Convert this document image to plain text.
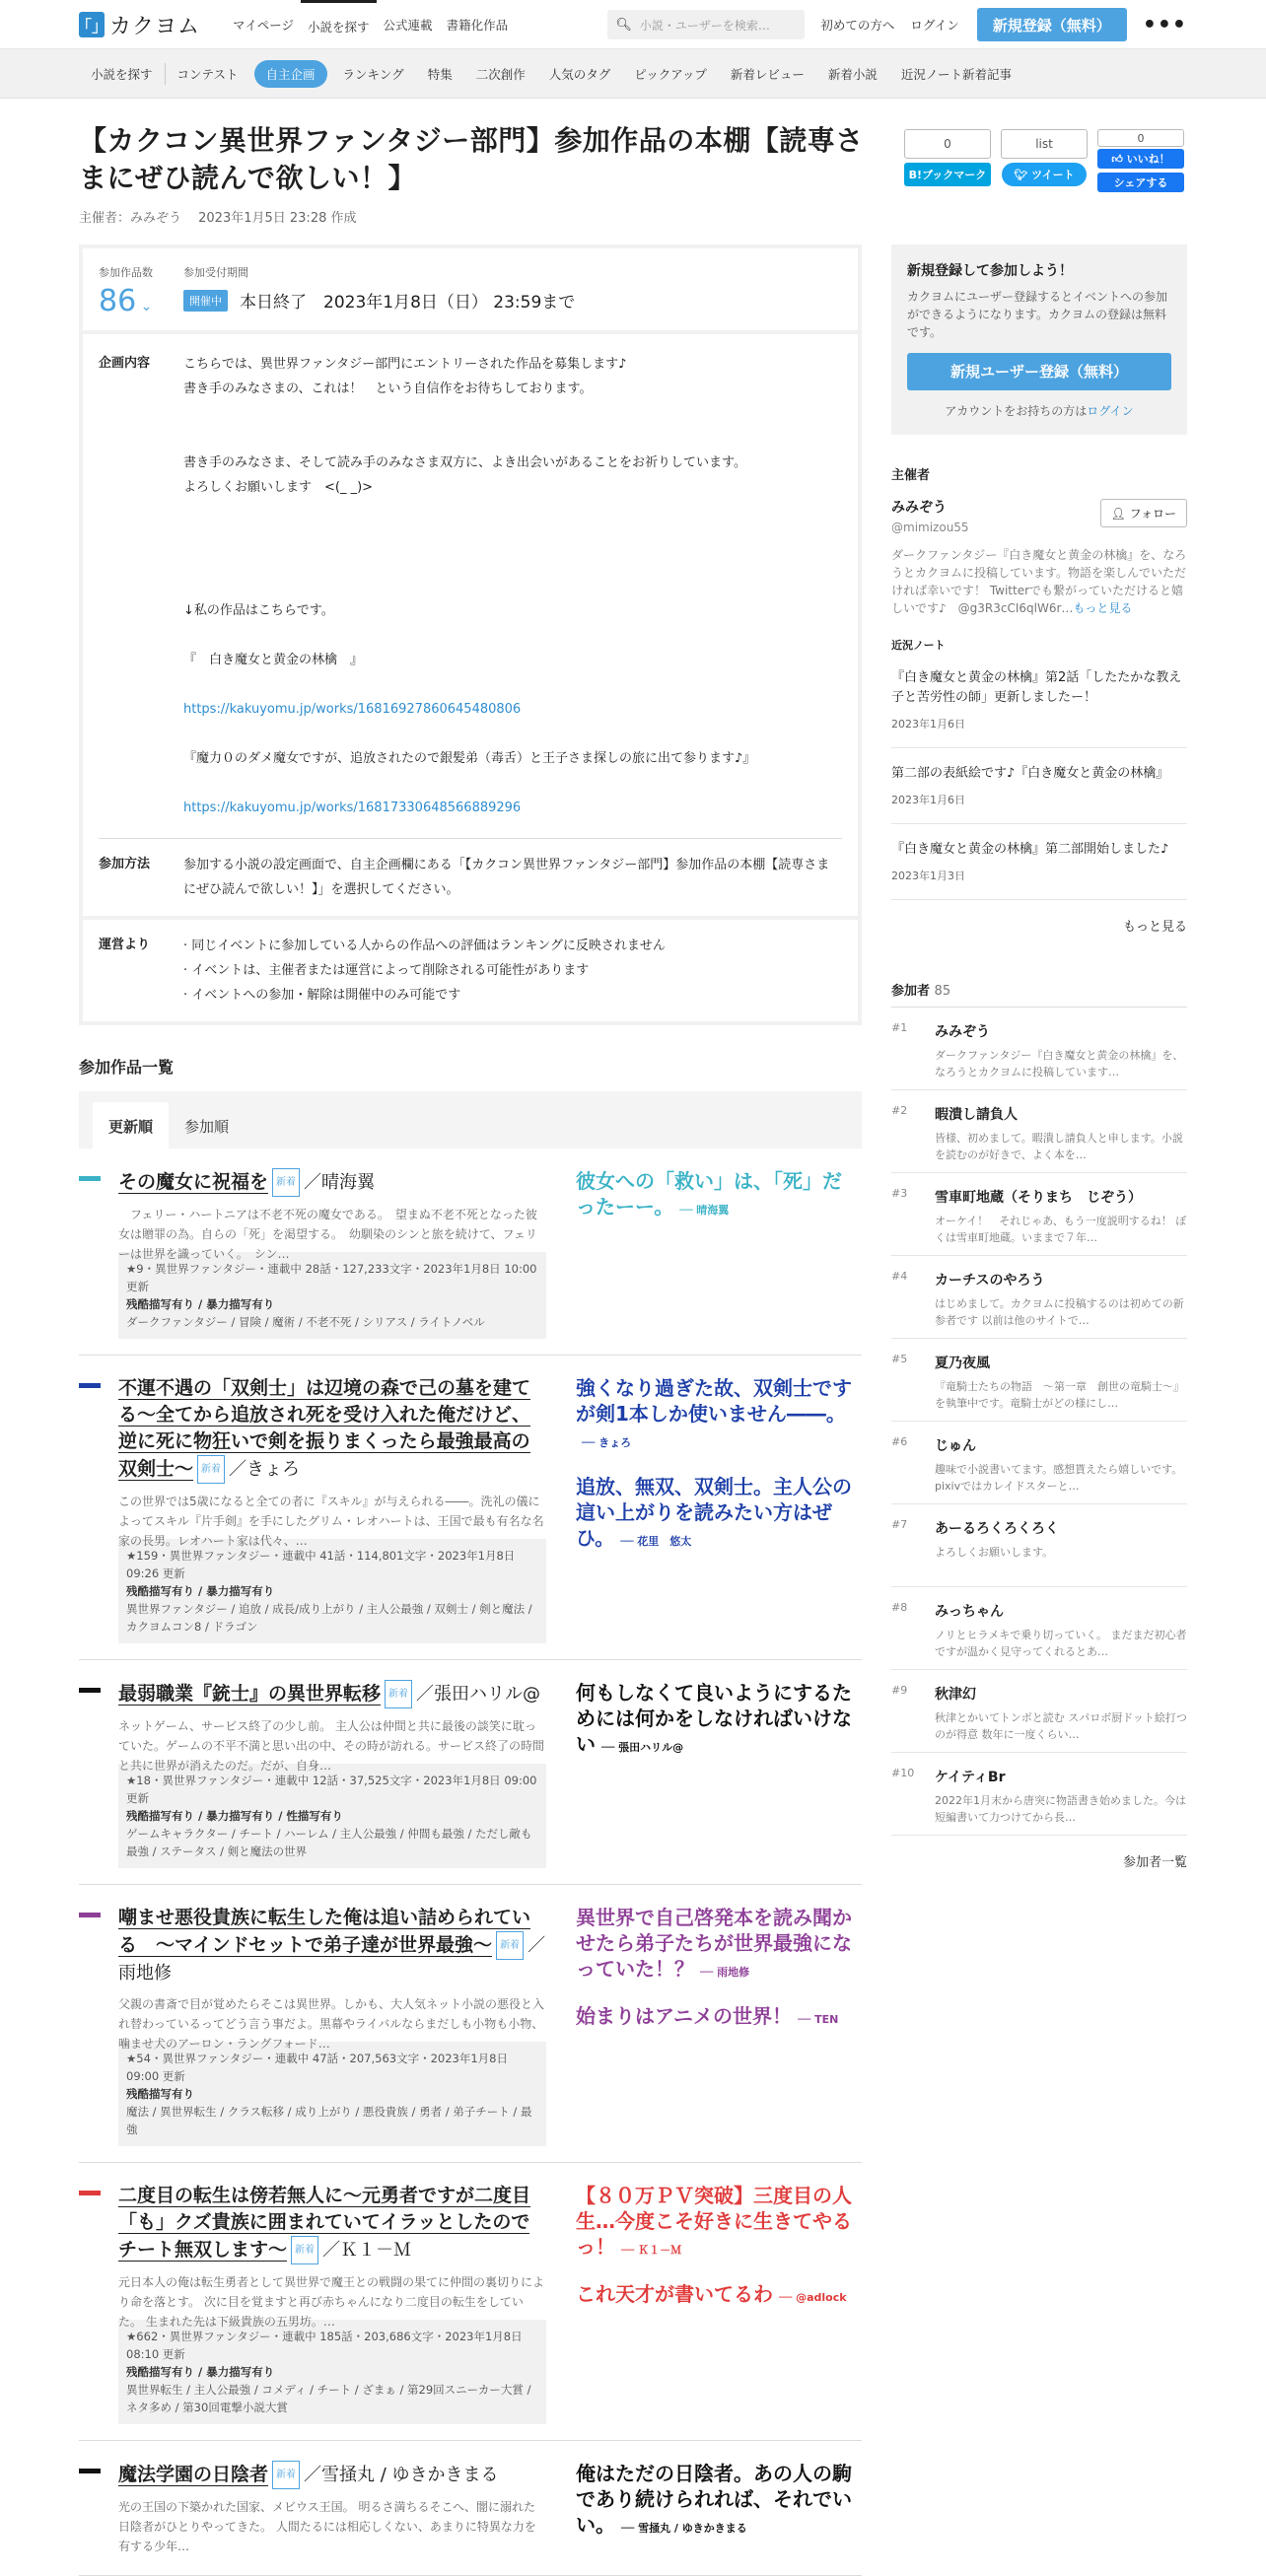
「」 カクヨム	マイページ	小説を探す	公式連載	書籍化作品	🔍︎ 小説・ユーザーを検索…	初めての方へ ログイン	新規登録（無料）	•••
小説を探す	コンテスト	自主企画	ランキング	特集	二次創作	人気のタグ	ピックアップ	新着レビュー	新着小説	近況ノート新着記事
【カクコン異世界ファンタジー部門】参加作品の本棚【読専さまにぜひ読んで欲しい！】
主催者：みみぞう　 2023年1月5日 23:28 作成
0
B!ブックマーク
list
🐦︎ ツイート
0
👍︎ いいね！
シェアする
参加作品数
86 ⌄
参加受付期間
開催中	本日終了　2023年1月8日（日） 23:59まで
企画内容	こちらでは、異世界ファンタジー部門にエントリーされた作品を募集します♪

書き手のみなさまの、これは！　という自信作をお待ちしております。

書き手のみなさま、そして読み手のみなさま双方に、よき出会いがあることをお祈りしています。

よろしくお願いします　<(_ _)>

↓私の作品はこちらです。

『　白き魔女と黄金の林檎　』

https://kakuyomu.jp/works/16816927860645480806

『魔力０のダメ魔女ですが、追放されたので銀髪弟（毒舌）と王子さま探しの旅に出て参ります♪』

https://kakuyomu.jp/works/16817330648566889296

参加方法	参加する小説の設定画面で、自主企画欄にある「【カクコン異世界ファンタジー部門】参加作品の本棚【読専さまにぜひ読んで欲しい！】」を選択してください。
運営より	· 同じイベントに参加している人からの作品への評価はランキングに反映されません
· イベントは、主催者または運営によって削除される可能性があります
· イベントへの参加・解除は開催中のみ可能です
参加作品一覧
更新順	参加順
その魔女に祝福を 新着 ／晴海翼
　フェリー・ハートニアは不老不死の魔女である。　望まぬ不老不死とな​った彼女は贈罪の為。自らの「死」を渇望する。　幼馴染のシンと旅を続けて、フェリーは世界を識っていく。　シン…
★9・異世界ファンタジー・連載中 28話・127,233文字・2023年1月8日 10:00 更新
残酷描写有り / 暴力描写有り
ダークファンタジー / 冒険 / 魔術 / 不老不死 / シリアス / ライトノベル
彼女への「救い」は、「死」だったーー。 ── 晴海翼
不運不遇の「双剣士」は辺境の森で己の墓を建てる～全てから追放され死を受け入れた俺だけど、逆に死に物狂いで剣を振りまくったら最強最高の双剣士～ 新着 ／きょろ
この世界では5歳になると全ての者に『スキル』が与えられる――。洗礼の儀によってスキル『片手剣』を手にしたグリム・レオハートは、王国で最も有名な名家の長男。レオハート家は代々、…
★159・異世界ファンタジー・連載中 41話・114,801文字・2023年1月8日 09:26 更新
残酷描写有り / 暴力描写有り
異世界ファンタジー / 追放 / 成長/成り上がり / 主人公最強 / 双剣士 / 剣と魔法 / カクヨムコン8 / ドラゴン
強くなり過ぎた故、双剣士ですが剣1本しか使いません――。── きょろ
追放、無双、双剣士。主人公の這い上がりを読みたい方はぜひ。 ── 花里　悠太
最弱職業『銃士』の異世界転移 新着 ／張田ハリル@
ネットゲーム、サービス終了の少し前。 主人公は仲間と共に最後の談笑に耽っていた。ゲームの不平不満と思い出の中、その時が訪れる。サービス終了の時間と共に世界が消えたのだ。だが、自身…
★18・異世界ファンタジー・連載中 12話・37,525文字・2023年1月8日 09:00 更新
残酷描写有り / 暴力描写有り / 性描写有り
ゲームキャラクター / チート / ハーレム / 主人公最強 / 仲間も最強 / ただし敵も最強 / ステータス / 剣と魔法の世界
何もしなくて良いようにするためには何かをしなければいけない ── 張田ハリル@
嘲ませ悪役貴族に転生した俺は追い詰められている　～マインドセットで弟子達が世界最強～ 新着 ／雨地修
父親の書斎で目が覚めたらそこは異世界。しかも、大人気ネット小説の悪役と入れ替わっているってどう言う事だよ。黒幕やライバルならまだしも小物も小物、噛ませ犬のアーロン・ラングフォード…
★54・異世界ファンタジー・連載中 47話・207,563文字・2023年1月8日 09:00 更新
残酷描写有り
魔法 / 異世界転生 / クラス転移 / 成り上がり / 悪役貴族 / 勇者 / 弟子チート / 最強
異世界で自己啓発本を読み聞かせたら弟子たちが世界最強になっていた！？ ── 雨地修
始まりはアニメの世界！ ── TEN
二度目の転生は傍若無人に～元勇者ですが二度目「も」クズ貴族に囲まれていてイラッとしたのでチート無双します～ 新着 ／Ｋ１－Ｍ
元日本人の俺は転生勇者として異世界で魔王との戦闘の果てに仲間の裏切りにより命を落とす。 次に目を覚ますと再び赤ちゃんになり二度目の転生をしていた。 生まれた先は下級貴族の五男坊。…
★662・異世界ファンタジー・連載中 185話・203,686文字・2023年1月8日 08:10 更新
残酷描写有り / 暴力描写有り
異世界転生 / 主人公最強 / コメディ / チート / ざまぁ / 第29回スニーカー大賞 / ネタ多め / 第30回電撃小説大賞
【８０万ＰＶ突破】三度目の人生…今度こそ好きに生きてやるっ！ ── Ｋ１－Ｍ
これ天才が書いてるわ ── @adlock
魔法学園の日陰者 新着 ／雪掻丸 / ゆきかきまる
光の王国の下築かれた国家、メビウス王国。 明るさ満ちるそこへ、闇に溺れた日陰者がひとりやってきた。 人間たるには相応しくない、あまりに特異な力を有する少年…
俺はただの日陰者。あの人の駒であり続けられれば、それでいい。 ── 雪掻丸 / ゆきかきまる
新規登録して参加しよう！

カクヨムにユーザー登録するとイベントへの参加ができるようになります。カクヨムの登録は無料です。

新規ユーザー登録（無料）
アカウントをお持ちの方はログイン
主催者
みみぞう
@mimizou55
👤︎ フォロー
ダークファンタジー『白き魔女と黄金の林檎』を、なろうとカクヨムに投稿しています。物語を楽しんでいただければ幸いです！ Twitterでも繋がっていただけると嬉しいです♪　@g3R3cCI6qlW6r…もっと見る
近況ノート
『白き魔女と黄金の林檎』第2話「したたかな教え子と苦労性の師」更新しましたー！
2023年1月6日
第二部の表紙絵です♪『白き魔女と黄金の林檎』
2023年1月6日
『白き魔女と黄金の林檎』第二部開始しました♪
2023年1月3日
もっと見る
参加者 85
#1	みみぞう
ダークファンタジー『白き魔女と黄金の林檎』を、なろうとカクヨムに投稿しています…
#2	暇潰し請負人
皆様、初めまして。暇潰し請負人と申します。小説を読むのが好きで、よく本を…
#3	雪車町地蔵（そりまち　じぞう）
オーケイ！　それじゃあ、もう一度説明するね！ ぼくは雪車町地蔵。いままで７年…
#4	カーチスのやろう
はじめまして。カクヨムに投稿するのは初めての新参者です 以前は他のサイトで…
#5	夏乃夜風
『竜騎士たちの物語　〜第一章　創世の竜騎士〜』を執筆中です。竜騎士がどの様にし…
#6	じゅん
趣味で小説書いてます。感想貰えたら嬉しいです。 pixivではカレイドスターと…
#7	あーるろくろくろく
よろしくお願いします。
#8	みっちゃん
ノリとヒラメキで乗り切っていく。 まだまだ初心者ですが温かく見守ってくれるとあ…
#9	秋津幻
秋津とかいてトンボと読む スパロボ厨ドット絵打つのが得意 数年に一度くらい…
#10	ケイティBr
2022年1月末から唐突に物語書き始めました。今は短編書いて力つけてから長…
参加者一覧
